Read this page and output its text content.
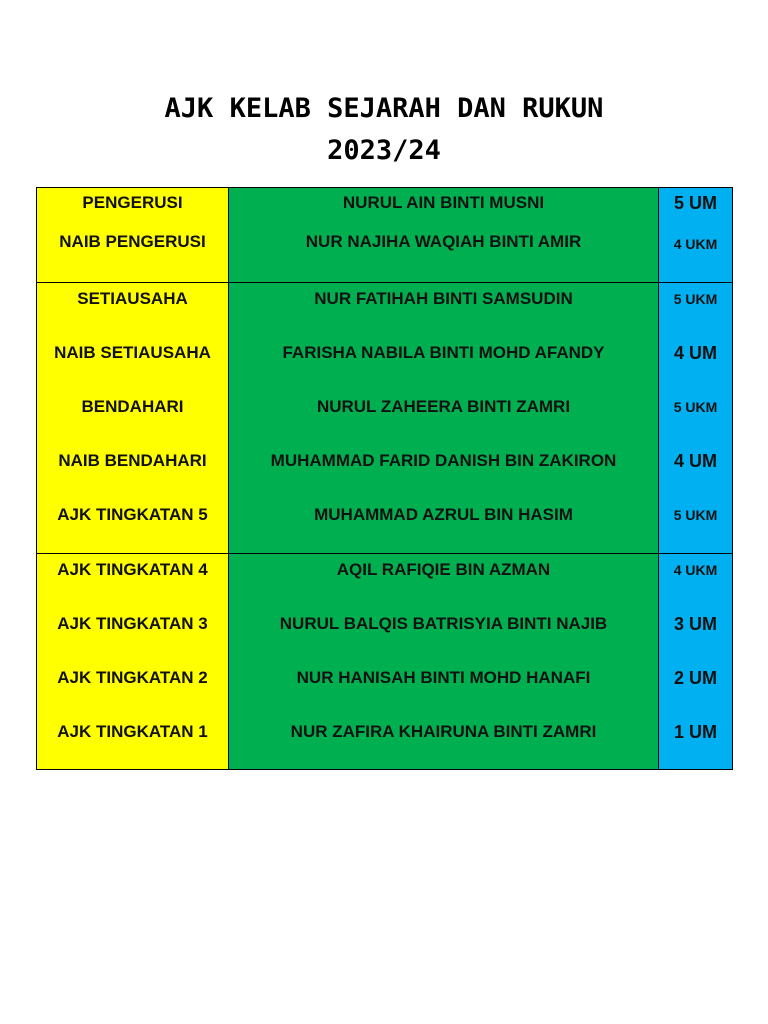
AJK KELAB SEJARAH DAN RUKUN

2023/24

PENGERUSI	NURUL AIN BINTI MUSNI	5 UM

NAIB PENGERUSI	NUR NAJIHA WAQIAH BINTI AMIR	4 UKM

SETIAUSAHA	NUR FATIHAH BINTI SAMSUDIN	5 UKM

NAIB SETIAUSAHA	FARISHA NABILA BINTI MOHD AFANDY	4 UM

BENDAHARI	NURUL ZAHEERA BINTI ZAMRI	5 UKM

NAIB BENDAHARI	MUHAMMAD FARID DANISH BIN ZAKIRON	4 UM

AJK TINGKATAN 5	MUHAMMAD AZRUL BIN HASIM	5 UKM

AJK TINGKATAN 4	AQIL RAFIQIE BIN AZMAN	4 UKM

AJK TINGKATAN 3	NURUL BALQIS BATRISYIA BINTI NAJIB	3 UM

AJK TINGKATAN 2	NUR HANISAH BINTI MOHD HANAFI	2 UM

AJK TINGKATAN 1	NUR ZAFIRA KHAIRUNA BINTI ZAMRI	1 UM
